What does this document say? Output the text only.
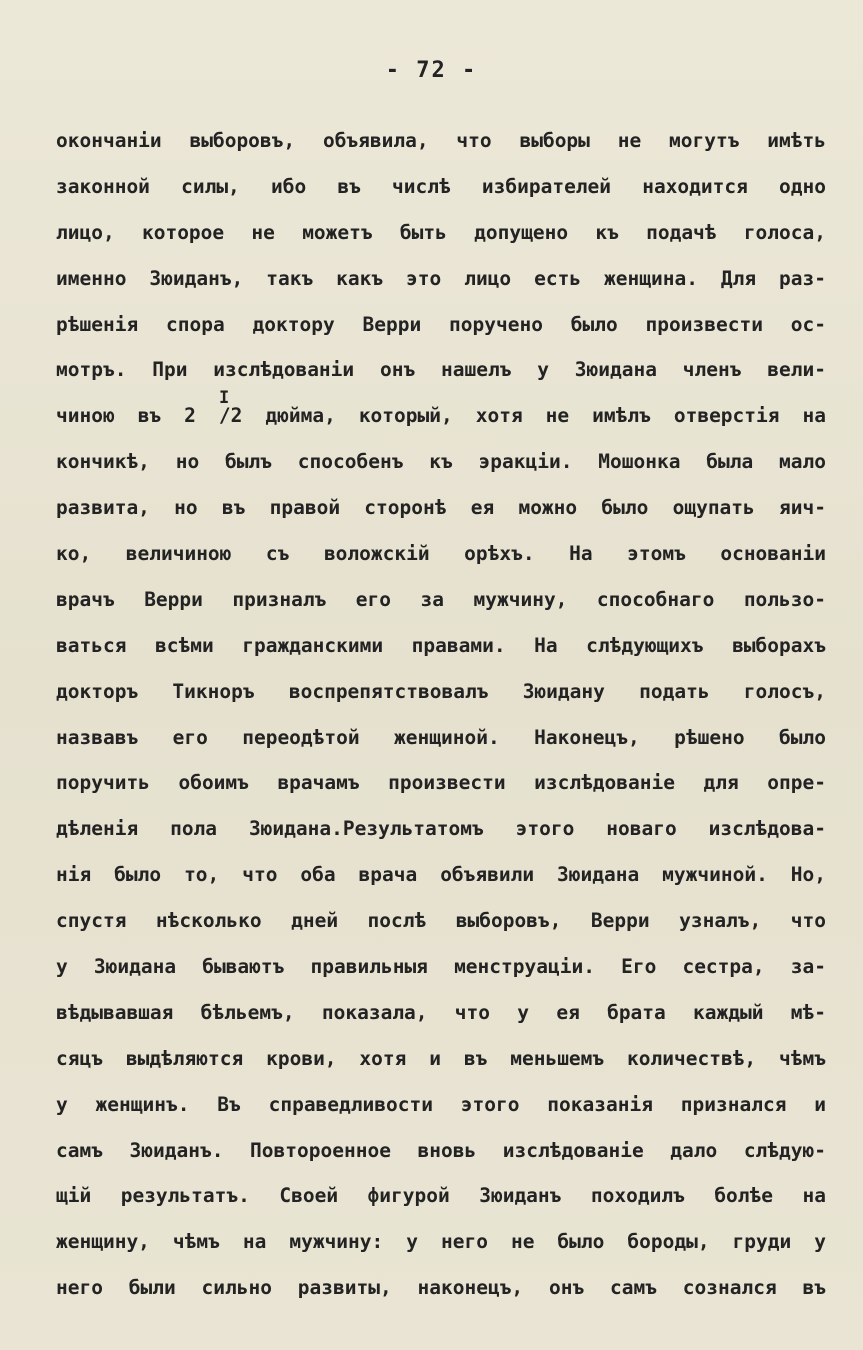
- 72 -
окончанiи выборовъ, объявила, что выборы не могутъ имѣть
законной силы, ибо въ числѣ избирателей находится одно
лицо, которое не можетъ быть допущено къ подачѣ голоса,
именно Зюиданъ, такъ какъ это лицо есть женщина. Для раз-
рѣшенiя спора доктору Верри поручено было произвести ос-
мотръ. При изслѣдованiи онъ нашелъ у Зюидана членъ вели-
чиною въ 2 /2 дюйма, который, хотя не имѣлъ отверстiя на
I
кончикѣ, но былъ способенъ къ эракцiи. Мошонка была мало
развита, но въ правой сторонѣ ея можно было ощупать яич-
ко, величиною съ воложскiй орѣхъ. На этомъ основанiи
врачъ Верри призналъ его за мужчину, способнаго пользо-
ваться всѣми гражданскими правами. На слѣдующихъ выборахъ
докторъ Тикноръ воспрепятствовалъ Зюидану подать голосъ,
назвавъ его переодѣтой женщиной. Наконецъ, рѣшено было
поручить обоимъ врачамъ произвести изслѣдованiе для опре-
дѣленiя пола Зюидана.Результатомъ этого новаго изслѣдова-
нiя было то, что оба врача объявили Зюидана мужчиной. Но,
спустя нѣсколько дней послѣ выборовъ, Верри узналъ, что
у Зюидана бываютъ правильныя менструацiи. Его сестра, за-
вѣдывавшая бѣльемъ, показала, что у ея брата каждый мѣ-
сяцъ выдѣляются крови, хотя и въ меньшемъ количествѣ, чѣмъ
у женщинъ. Въ справедливости этого показанiя признался и
самъ Зюиданъ. Повтороенное вновь изслѣдованiе дало слѣдую-
щiй результатъ. Своей фигурой Зюиданъ походилъ болѣе на
женщину, чѣмъ на мужчину: у него не было бороды, груди у
него были сильно развиты, наконецъ, онъ самъ сознался въ
